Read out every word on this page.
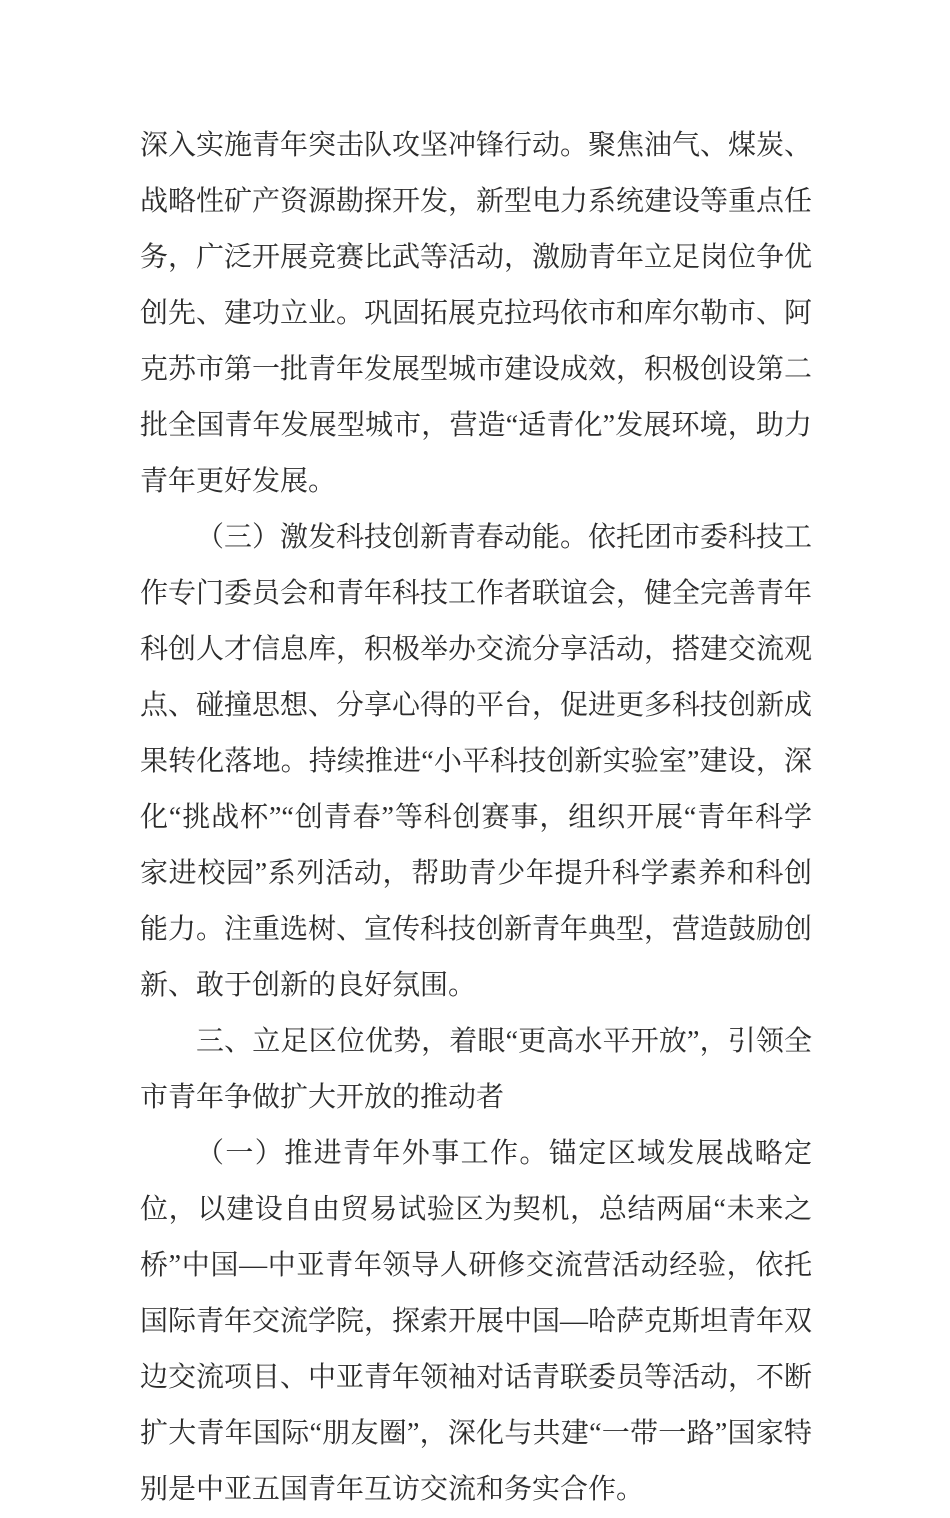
深入实施青年突击队攻坚冲锋行动。聚焦油气、煤炭、战略性矿产资源勘探开发，新型电力系统建设等重点任务，广泛开展竞赛比武等活动，激励青年立足岗位争优创先、建功立业。巩固拓展克拉玛依市和库尔勒市、阿克苏市第一批青年发展型城市建设成效，积极创设第二批全国青年发展型城市，营造“适青化”发展环境，助力青年更好发展。

（三）激发科技创新青春动能。依托团市委科技工作专门委员会和青年科技工作者联谊会，健全完善青年科创人才信息库，积极举办交流分享活动，搭建交流观点、碰撞思想、分享心得的平台，促进更多科技创新成果转化落地。持续推进“小平科技创新实验室”建设，深化“挑战杯”“创青春”等科创赛事，组织开展“青年科学家进校园”系列活动，帮助青少年提升科学素养和科创能力。注重选树、宣传科技创新青年典型，营造鼓励创新、敢于创新的良好氛围。

三、立足区位优势，着眼“更高水平开放”，引领全市青年争做扩大开放的推动者

（一）推进青年外事工作。锚定区域发展战略定位，以建设自由贸易试验区为契机，总结两届“未来之桥”中国—中亚青年领导人研修交流营活动经验，依托国际青年交流学院，探索开展中国—哈萨克斯坦青年双边交流项目、中亚青年领袖对话青联委员等活动，不断扩大青年国际“朋友圈”，深化与共建“一带一路”国家特别是中亚五国青年互访交流和务实合作。
